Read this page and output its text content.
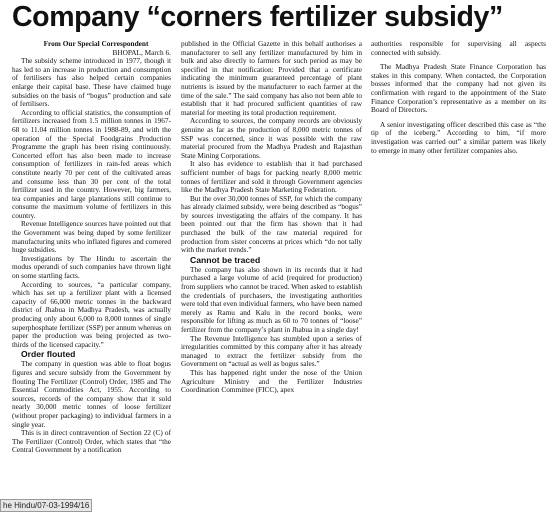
Company “corners fertilizer subsidy”

From Our Special Correspondent

BHOPAL, March 6.

The subsidy scheme introduced in 1977, though it has led to an increase in production and consumption of fertilisers has also helped certain companies enlarge their capital base. These have claimed huge subsidies on the basis of “bogus” production and sale of fertilisers.

According to official statistics, the consumption of fertilizers increased from 1.5 million tonnes in 1967-68 to 11.04 million tonnes in 1988-89, and with the operation of the Special Foodgrains Production Programme the graph has been rising continuously. Concerted effort has also been made to increase consumption of fertilizers in rain-fed areas which constitute nearly 70 per cent of the cultivated areas and consume less than 30 per cent of the total fertilizer used in the country. However, big farmers, tea companies and large plantations still continue to consume the maximum volume of fertilizers in this country.

Revenue Intelligence sources have pointed out that the Government was being duped by some fertilizer manufacturing units who inflated figures and cornered huge subsidies.

Investigations by The Hindu to ascertain the modus operandi of such companies have thrown light on some startling facts.

According to sources, “a particular company, which has set up a fertilizer plant with a licensed capacity of 66,000 metric tonnes in the backward district of Jhabua in Madhya Pradesh, was actually producing only about 6,000 to 8,000 tonnes of single superphosphate fertilizer (SSP) per annum whereas on paper the production was being projected as two-thirds of the licensed capacity.”

Order flouted

The company in question was able to float bogus figures and secure subsidy from the Government by flouting The Fertilizer (Control) Order, 1985 and The Essential Commodities Act, 1955. According to sources, records of the company show that it sold nearly 30,000 metric tonnes of loose fertilizer (without proper packaging) to individual farmers in a single year.

This is in direct contravention of Section 22 (C) of The Fertilizer (Control) Order, which states that “the Central Government by a notification

published in the Official Gazette in this behalf authorises a manufacturer to sell any fertilizer manufactured by him in bulk and also directly to farmers for such period as may be specified in that notification: Provided that a certificate indicating the minimum guaranteed percentage of plant nutrients is issued by the manufacturer to each farmer at the time of the sale.” The said company has also not been able to establish that it had procured sufficient quantities of raw material for meeting its total production requirement.

According to sources, the company records are obviously genuine as far as the production of 8,000 metric tonnes of SSP was concerned, since it was possible with the raw material procured from the Madhya Pradesh and Rajasthan State Mining Corporations.

It also has evidence to establish that it had purchased sufficient number of bags for packing nearly 8,000 metric tonnes of fertilizer and sold it through Government agencies like the Madhya Pradesh State Marketing Federation.

But the over 30,000 tonnes of SSP, for which the company has already claimed subsidy, were being described as “bogus” by sources investigating the affairs of the company. It has been pointed out that the firm has shown that it had purchased the bulk of the raw material required for production from sister concerns at prices which “do not tally with the market trends.”

Cannot be traced

The company has also shown in its records that it had purchased a large volume of acid (required for production) from suppliers who cannot be traced. When asked to establish the credentials of purchasers, the investigating authorities were told that even individual farmers, who have been named merely as Ramu and Kalu in the record books, were responsible for lifting as much as 60 to 70 tonnes of “loose” fertilizer from the company’s plant in Jhabua in a single day!

The Revenue Intelligence has stumbled upon a series of irregularities committed by this company after it has already managed to extract the fertilizer subsidy from the Government on “actual as well as bogus sales.”

This has happened right under the nose of the Union Agriculture Ministry and the Fertilizer Industries Coordination Committee (FICC), apex

authorities responsible for supervising all aspects connected with subsidy.

The Madhya Pradesh State Finance Corporation has stakes in this company. When contacted, the Corporation bosses informed that the company had not given its confirmation with regard to the appointment of the State Finance Corporation’s representative as a member on its Board of Directors.

A senior investigating officer described this case as “the tip of the iceberg.” According to him, “if more investigation was carried out” a similar pattern was likely to emerge in many other fertilizer companies also.

he Hindu/07-03-1994/16
